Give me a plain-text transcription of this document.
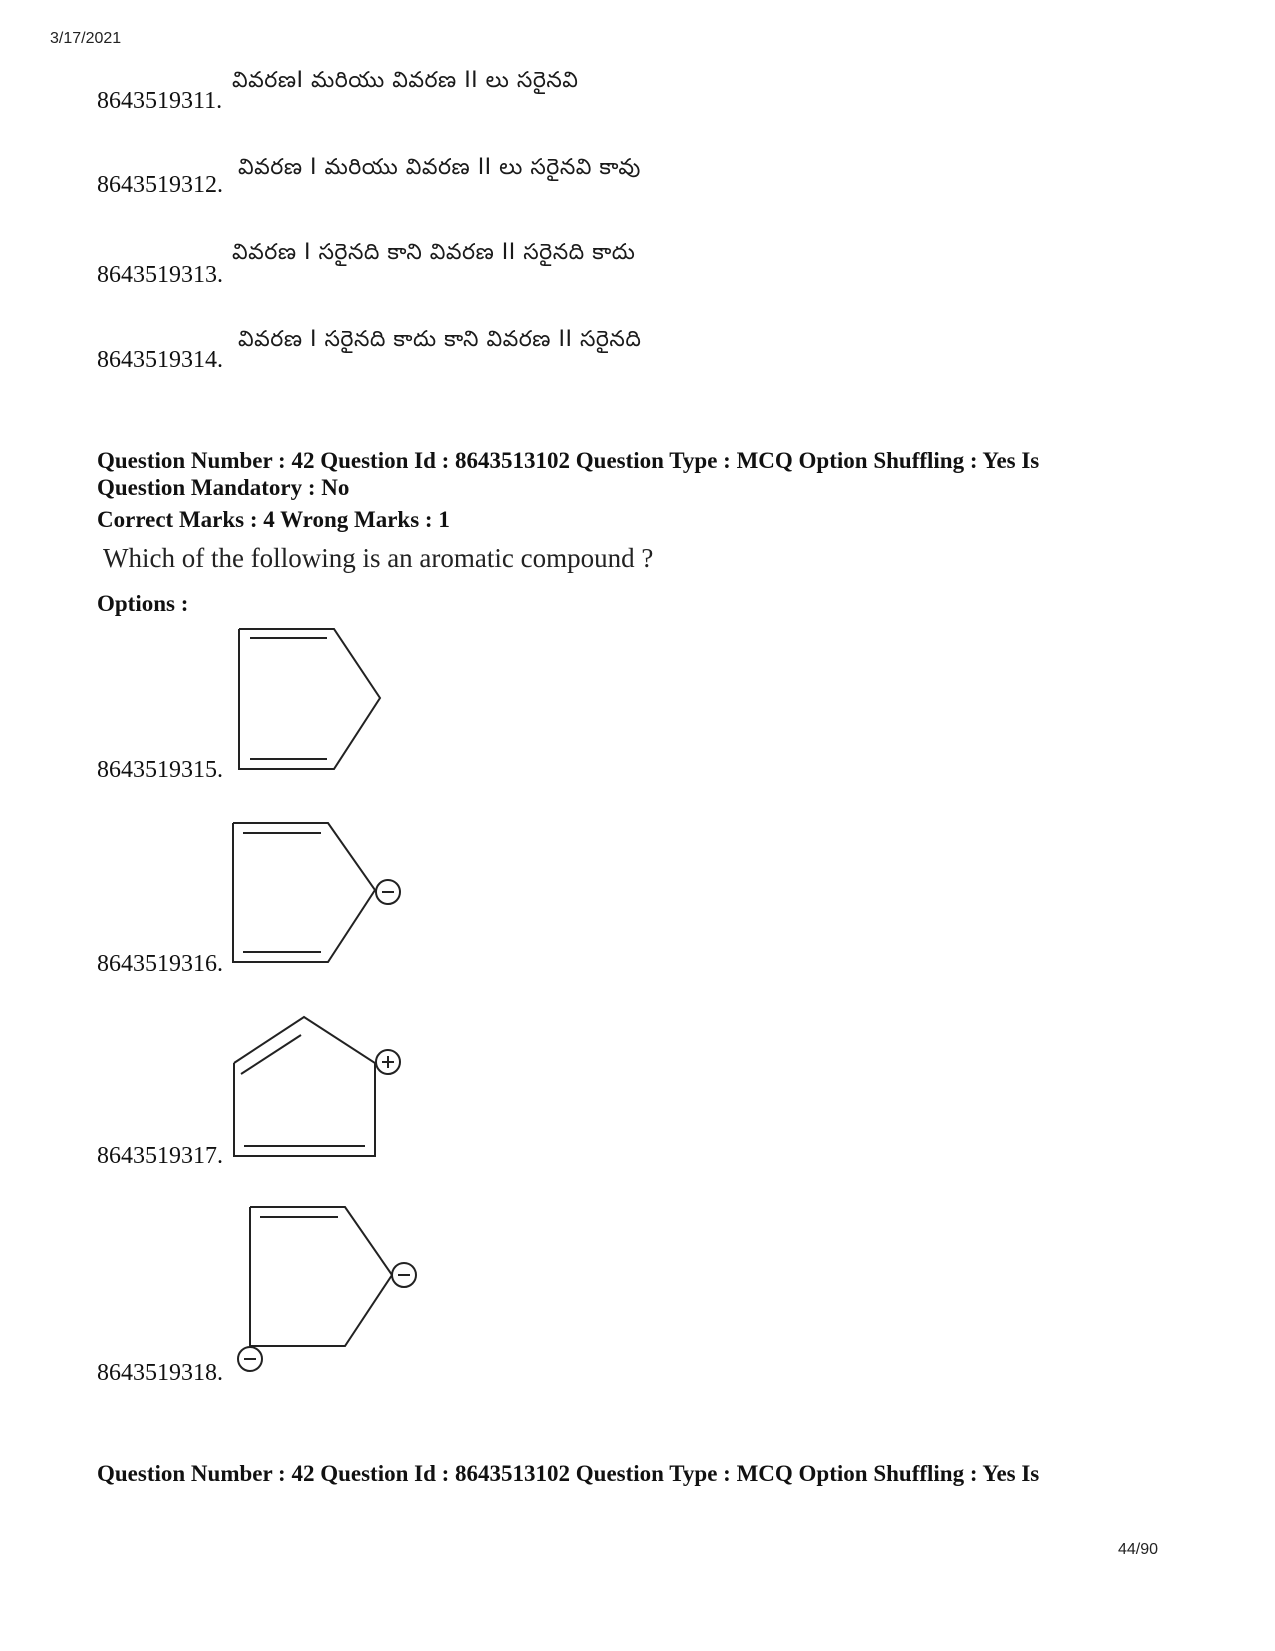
3/17/2021
8643519311.
వివరణI మరియు వివరణ II లు సరైనవి
8643519312.
వివరణ I మరియు వివరణ II లు సరైనవి కావు
8643519313.
వివరణ I సరైనది కాని వివరణ II సరైనది కాదు
8643519314.
వివరణ I సరైనది కాదు కాని వివరణ II సరైనది
Question Number : 42 Question Id : 8643513102 Question Type : MCQ Option Shuffling : Yes Is
Question Mandatory : No
Correct Marks : 4 Wrong Marks : 1
Which of the following is an aromatic compound ?
Options :
8643519315.
8643519316.
8643519317.
8643519318.
Question Number : 42 Question Id : 8643513102 Question Type : MCQ Option Shuffling : Yes Is
44/90
